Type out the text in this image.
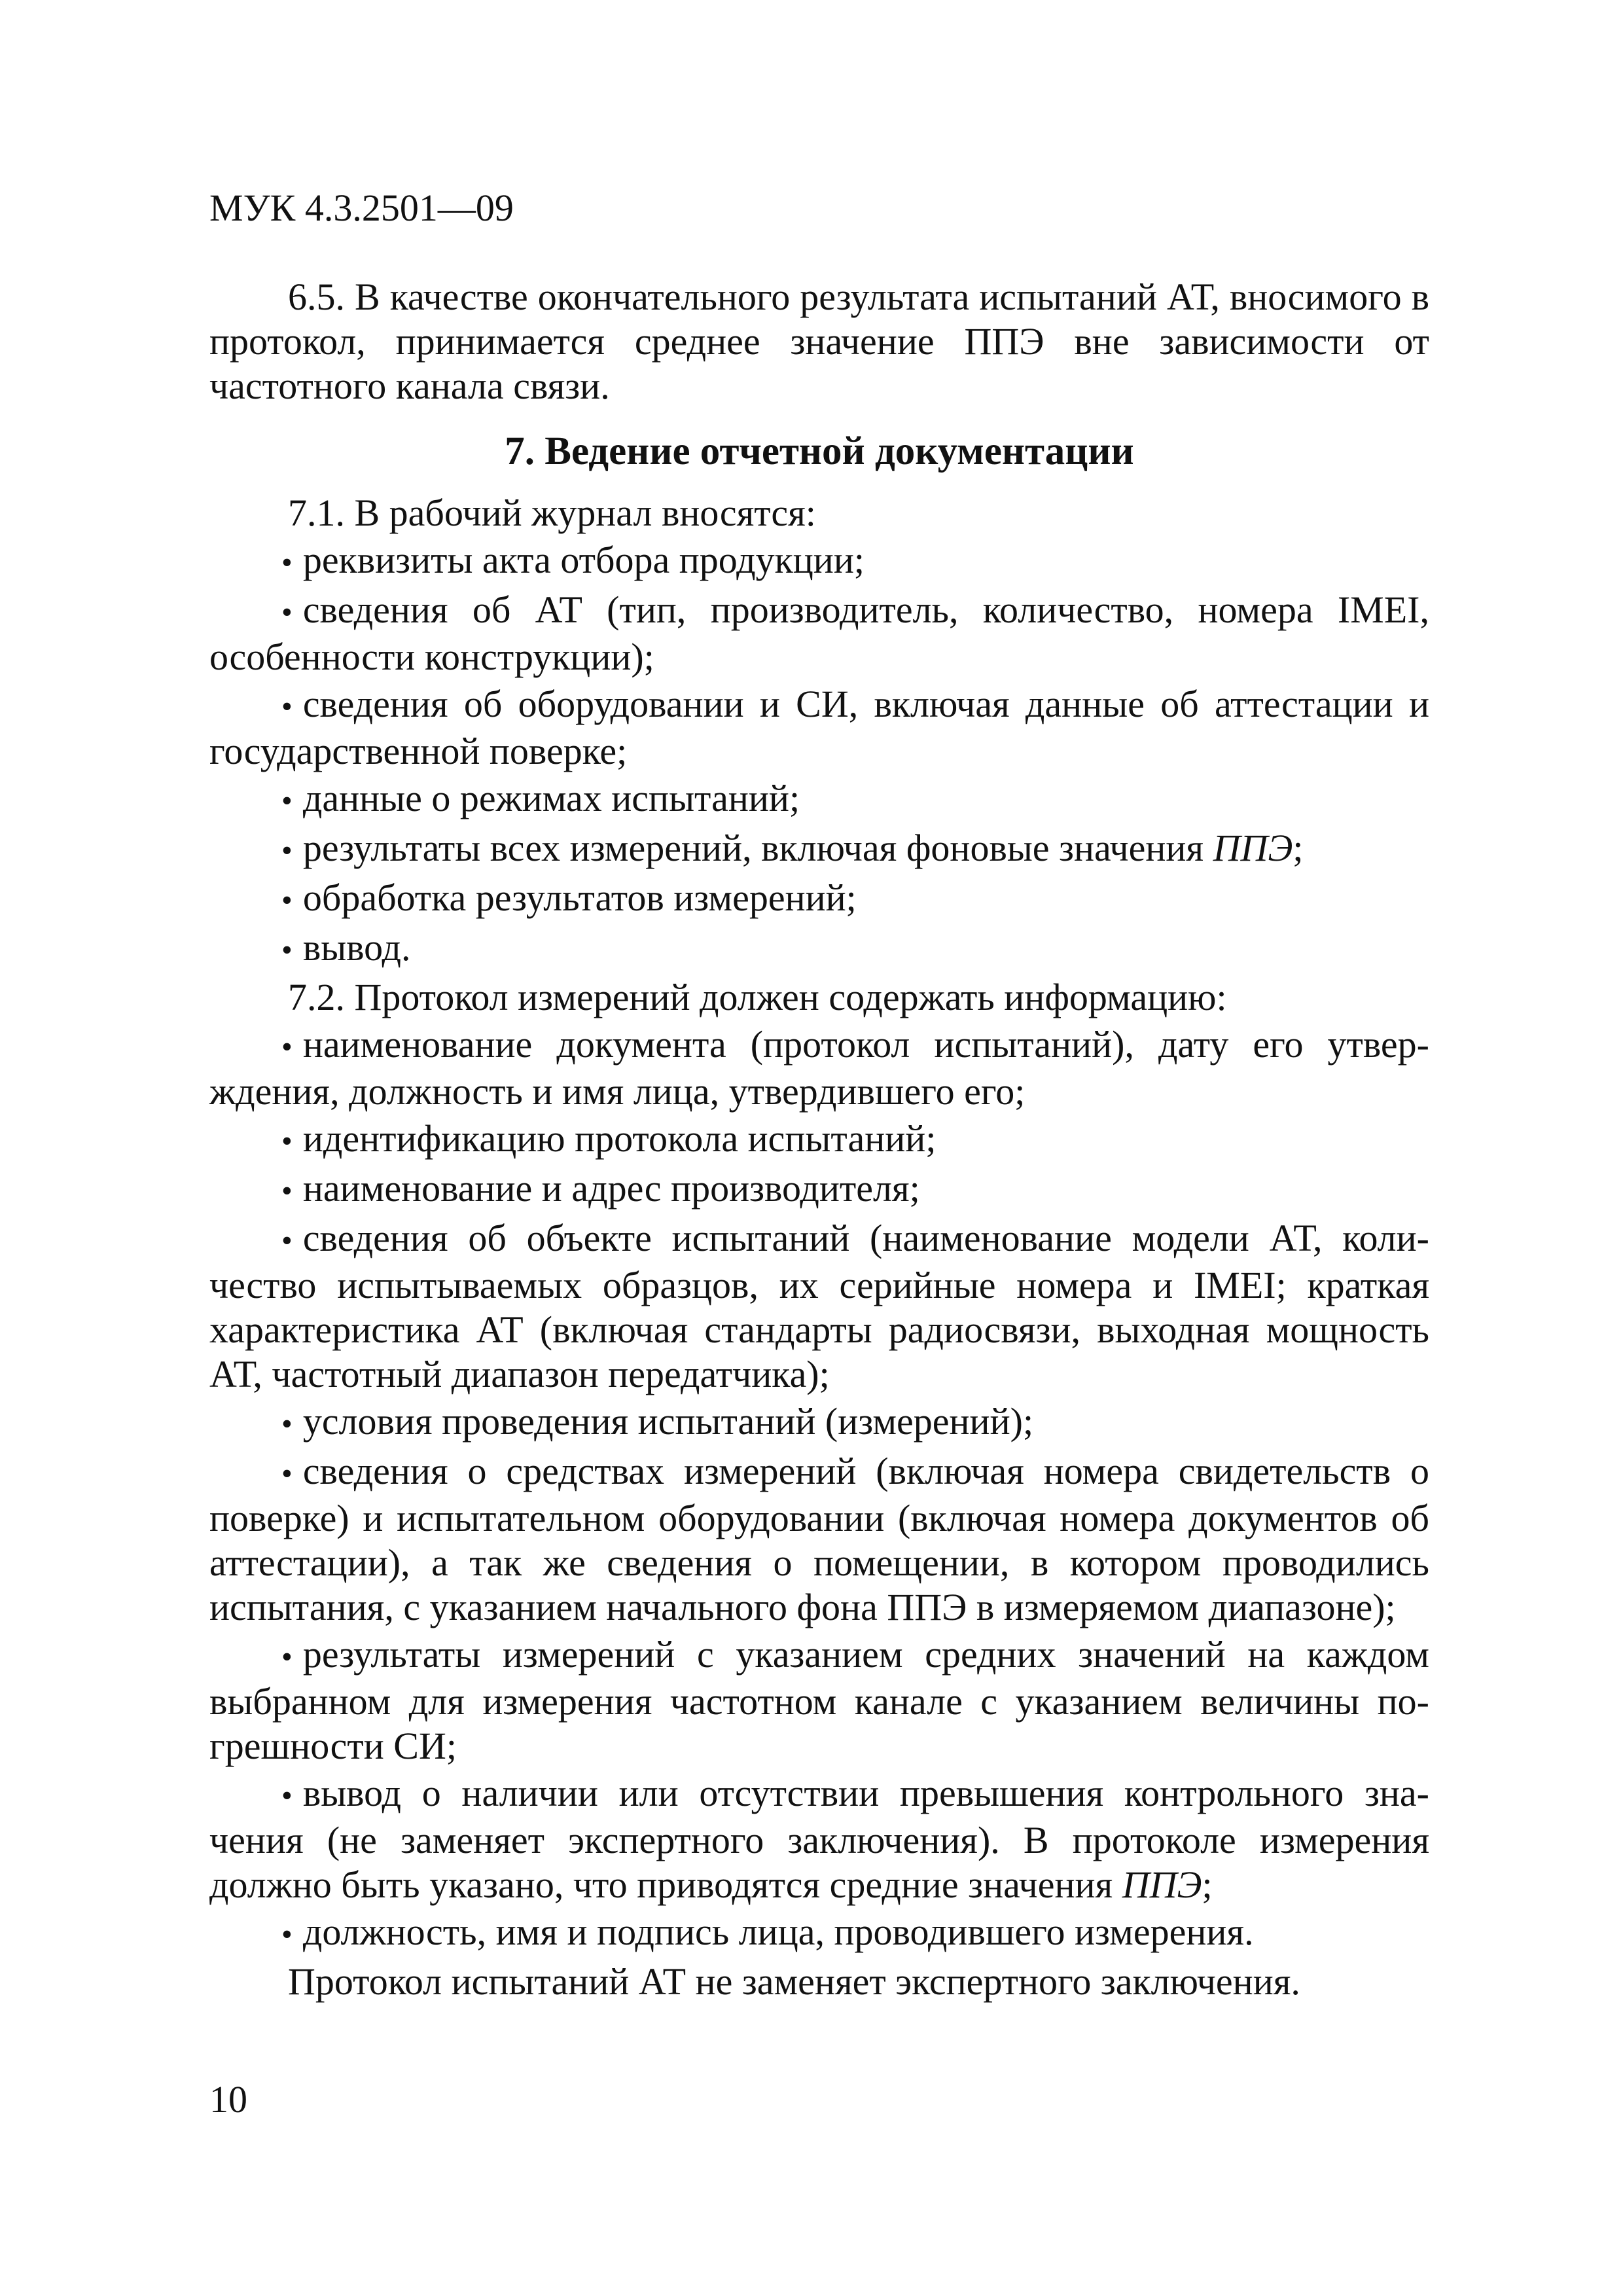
МУК 4.3.2501—09

6.5. В качестве окончательного результата испытаний АТ, вносимого в протокол, принимается среднее значение ППЭ вне зависимости от частотного канала связи.

7. Ведение отчетной документации

7.1. В рабочий журнал вносятся:

• реквизиты акта отбора продукции;

• сведения об АТ (тип, производитель, количество, номера IMEI, особенности конструкции);

• сведения об оборудовании и СИ, включая данные об аттестации и государственной поверке;

• данные о режимах испытаний;

• результаты всех измерений, включая фоновые значения ППЭ;

• обработка результатов измерений;

• вывод.

7.2. Протокол измерений должен содержать информацию:

• наименование документа (протокол испытаний), дату его утверждения, должность и имя лица, утвердившего его;

• идентификацию протокола испытаний;

• наименование и адрес производителя;

• сведения об объекте испытаний (наименование модели АТ, количество испытываемых образцов, их серийные номера и IMEI; краткая характеристика АТ (включая стандарты радиосвязи, выходная мощность АТ, частотный диапазон передатчика);

• условия проведения испытаний (измерений);

• сведения о средствах измерений (включая номера свидетельств о поверке) и испытательном оборудовании (включая номера документов об аттестации), а так же сведения о помещении, в котором проводились испытания, с указанием начального фона ППЭ в измеряемом диапазоне);

• результаты измерений с указанием средних значений на каждом выбранном для измерения частотном канале с указанием величины погрешности СИ;

• вывод о наличии или отсутствии превышения контрольного значения (не заменяет экспертного заключения). В протоколе измерения должно быть указано, что приводятся средние значения ППЭ;

• должность, имя и подпись лица, проводившего измерения.

Протокол испытаний АТ не заменяет экспертного заключения.

10
